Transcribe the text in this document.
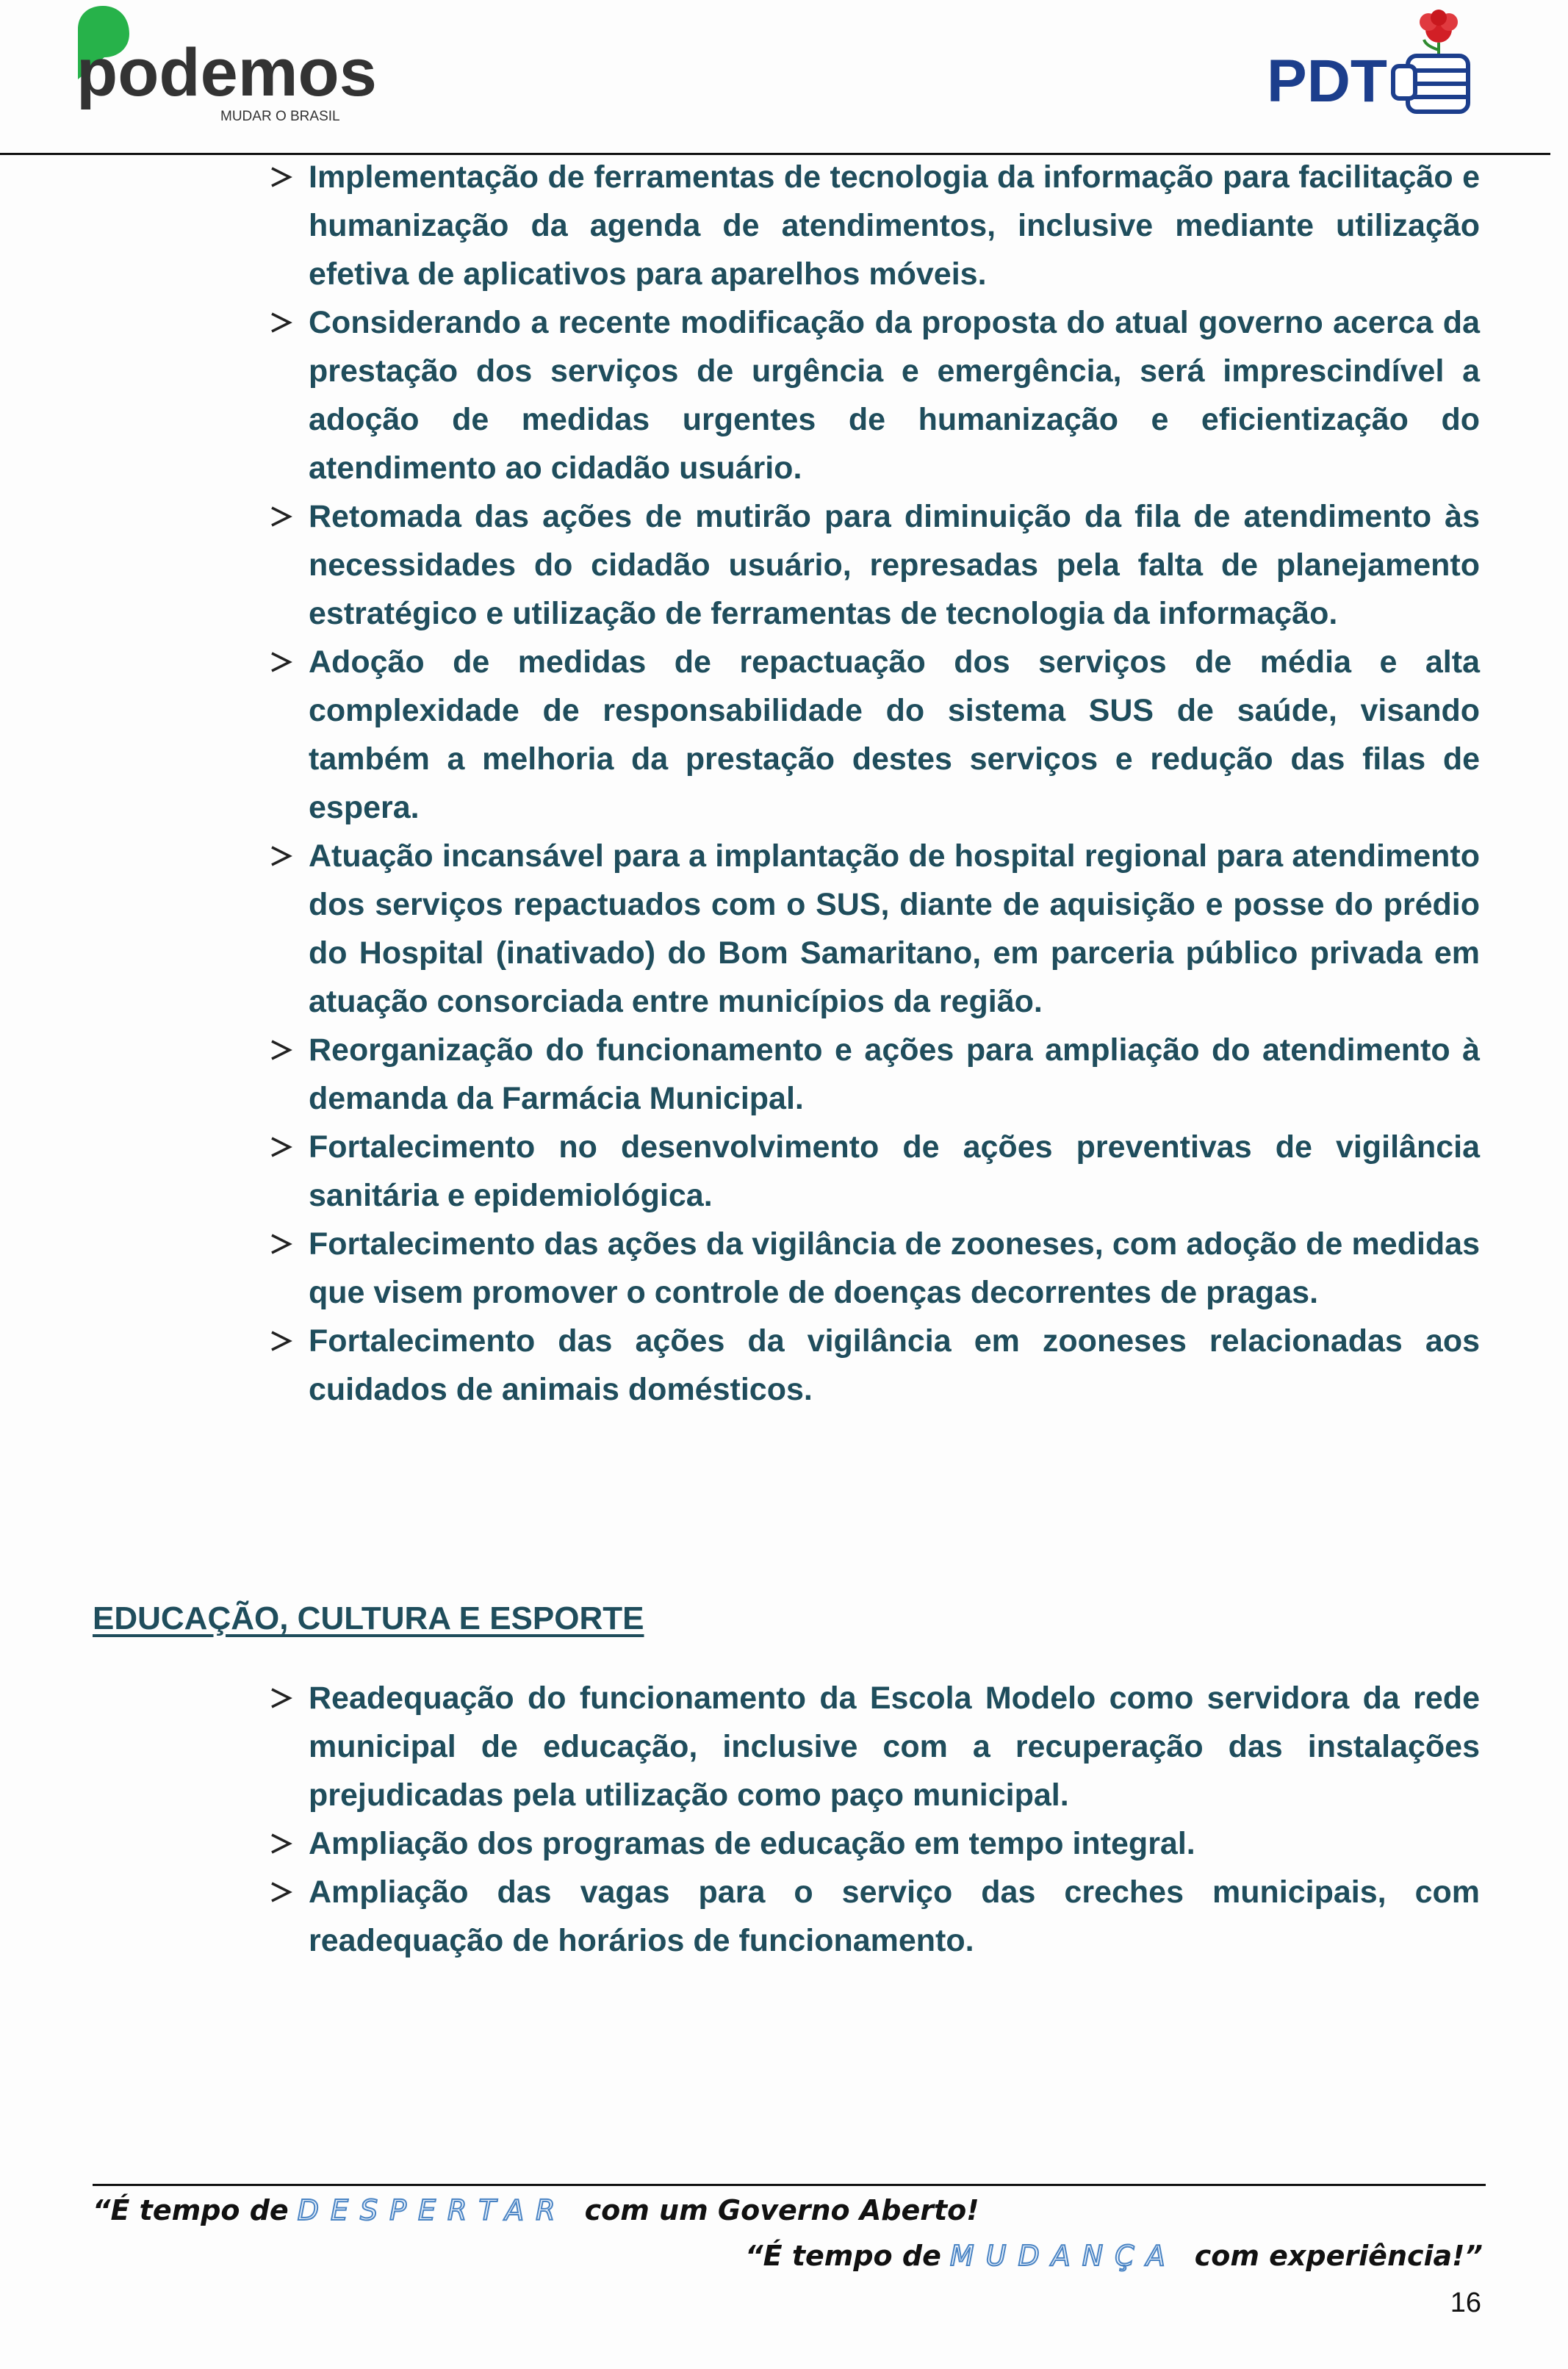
podemos
MUDAR O BRASIL
PDT
Implementação de ferramentas de tecnologia da informação para facilitação e humanização da agenda de atendimentos, inclusive mediante utilização efetiva de aplicativos para aparelhos móveis.
Considerando a recente modificação da proposta do atual governo acerca da prestação dos serviços de urgência e emergência, será imprescindível a adoção de medidas urgentes de humanização e eficientização do atendimento ao cidadão usuário.
Retomada das ações de mutirão para diminuição da fila de atendimento às necessidades do cidadão usuário, represadas pela falta de planejamento estratégico e utilização de ferramentas de tecnologia da informação.
Adoção de medidas de repactuação dos serviços de média e alta complexidade de responsabilidade do sistema SUS de saúde, visando também a melhoria da prestação destes serviços e redução das filas de espera.
Atuação incansável para a implantação de hospital regional para atendimento dos serviços repactuados com o SUS, diante de aquisição e posse do prédio do Hospital (inativado) do Bom Samaritano, em parceria público privada em atuação consorciada entre municípios da região.
Reorganização do funcionamento e ações para ampliação do atendimento à demanda da Farmácia Municipal.
Fortalecimento no desenvolvimento de ações preventivas de vigilância sanitária e epidemiológica.
Fortalecimento das ações da vigilância de zooneses, com adoção de medidas que visem promover o controle de doenças decorrentes de pragas.
Fortalecimento das ações da vigilância em zooneses relacionadas aos cuidados de animais domésticos.
EDUCAÇÃO, CULTURA E ESPORTE
Readequação do funcionamento da Escola Modelo como servidora da rede municipal de educação, inclusive com a recuperação das instalações prejudicadas pela utilização como paço municipal.
Ampliação dos programas de educação em tempo integral.
Ampliação das vagas para o serviço das creches municipais, com readequação de horários de funcionamento.
“É tempo de DESPERTAR com um Governo Aberto!
“É tempo de MUDANÇA com experiência!”
16
